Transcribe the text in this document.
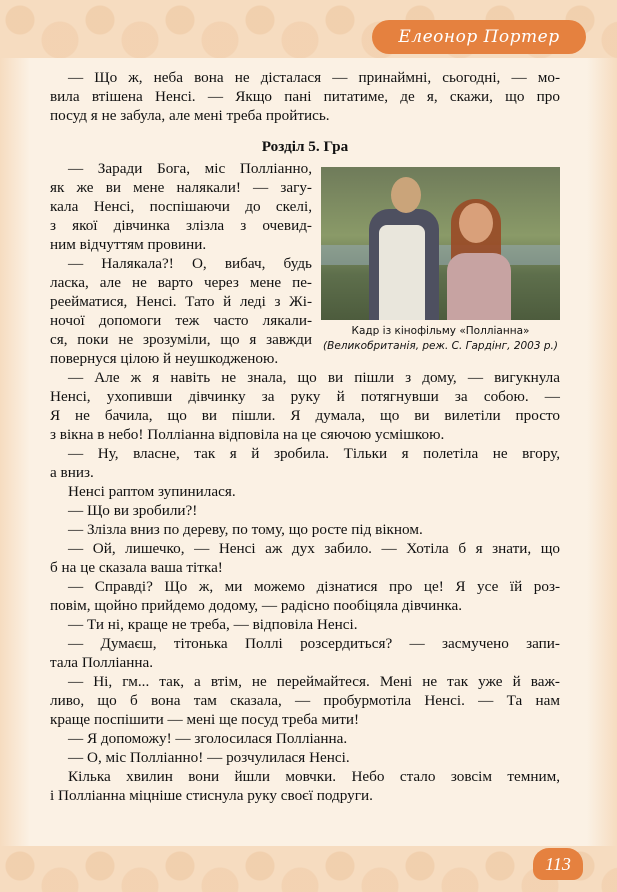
Елеонор Портер
— Що ж, неба вона не дісталася — принаймні, сьогодні, — мо-
вила втішена Ненсі. — Якщо пані питатиме, де я, скажи, що про
посуд я не забула, але мені треба пройтись.
Розділ 5. Гра
— Заради Бога, міс Полліанно,
як же ви мене налякали! — загу-
кала Ненсі, поспішаючи до скелі,
з якої дівчинка злізла з очевид-
ним відчуттям провини.
— Налякала?! О, вибач, будь
ласка, але не варто через мене пе-
реейматися, Ненсі. Тато й леді з Жі-
ночої допомоги теж часто лякали-
ся, поки не зрозуміли, що я завжди
повернуся цілою й неушкодженою.
— Але ж я навіть не знала, що ви пішли з дому, — вигукнула
Ненсі, ухопивши дівчинку за руку й потягнувши за собою. —
Я не бачила, що ви пішли. Я думала, що ви вилетіли просто
з вікна в небо! Полліанна відповіла на це сяючою усмішкою.
— Ну, власне, так я й зробила. Тільки я полетіла не вгору,
а вниз.
Ненсі раптом зупинилася.
— Що ви зробили?!
— Злізла вниз по дереву, по тому, що росте під вікном.
— Ой, лишечко, — Ненсі аж дух забило. — Хотіла б я знати, що
б на це сказала ваша тітка!
— Справді? Що ж, ми можемо дізнатися про це! Я усе їй роз-
повім, щойно прийдемо додому, — радісно пообіцяла дівчинка.
— Ти ні, краще не треба, — відповіла Ненсі.
— Думаєш, тітонька Поллі розсердиться? — засмучено запи-
тала Полліанна.
— Ні, гм... так, а втім, не переймайтеся. Мені не так уже й важ-
ливо, що б вона там сказала, — пробурмотіла Ненсі. — Та нам
краще поспішити — мені ще посуд треба мити!
— Я допоможу! — зголосилася Полліанна.
— О, міс Полліанно! — розчулилася Ненсі.
Кілька хвилин вони йшли мовчки. Небо стало зовсім темним,
і Полліанна міцніше стиснула руку своєї подруги.
Кадр із кінофільму «Полліанна»
(Великобританія, реж. С. Гардінг, 2003 р.)
113
